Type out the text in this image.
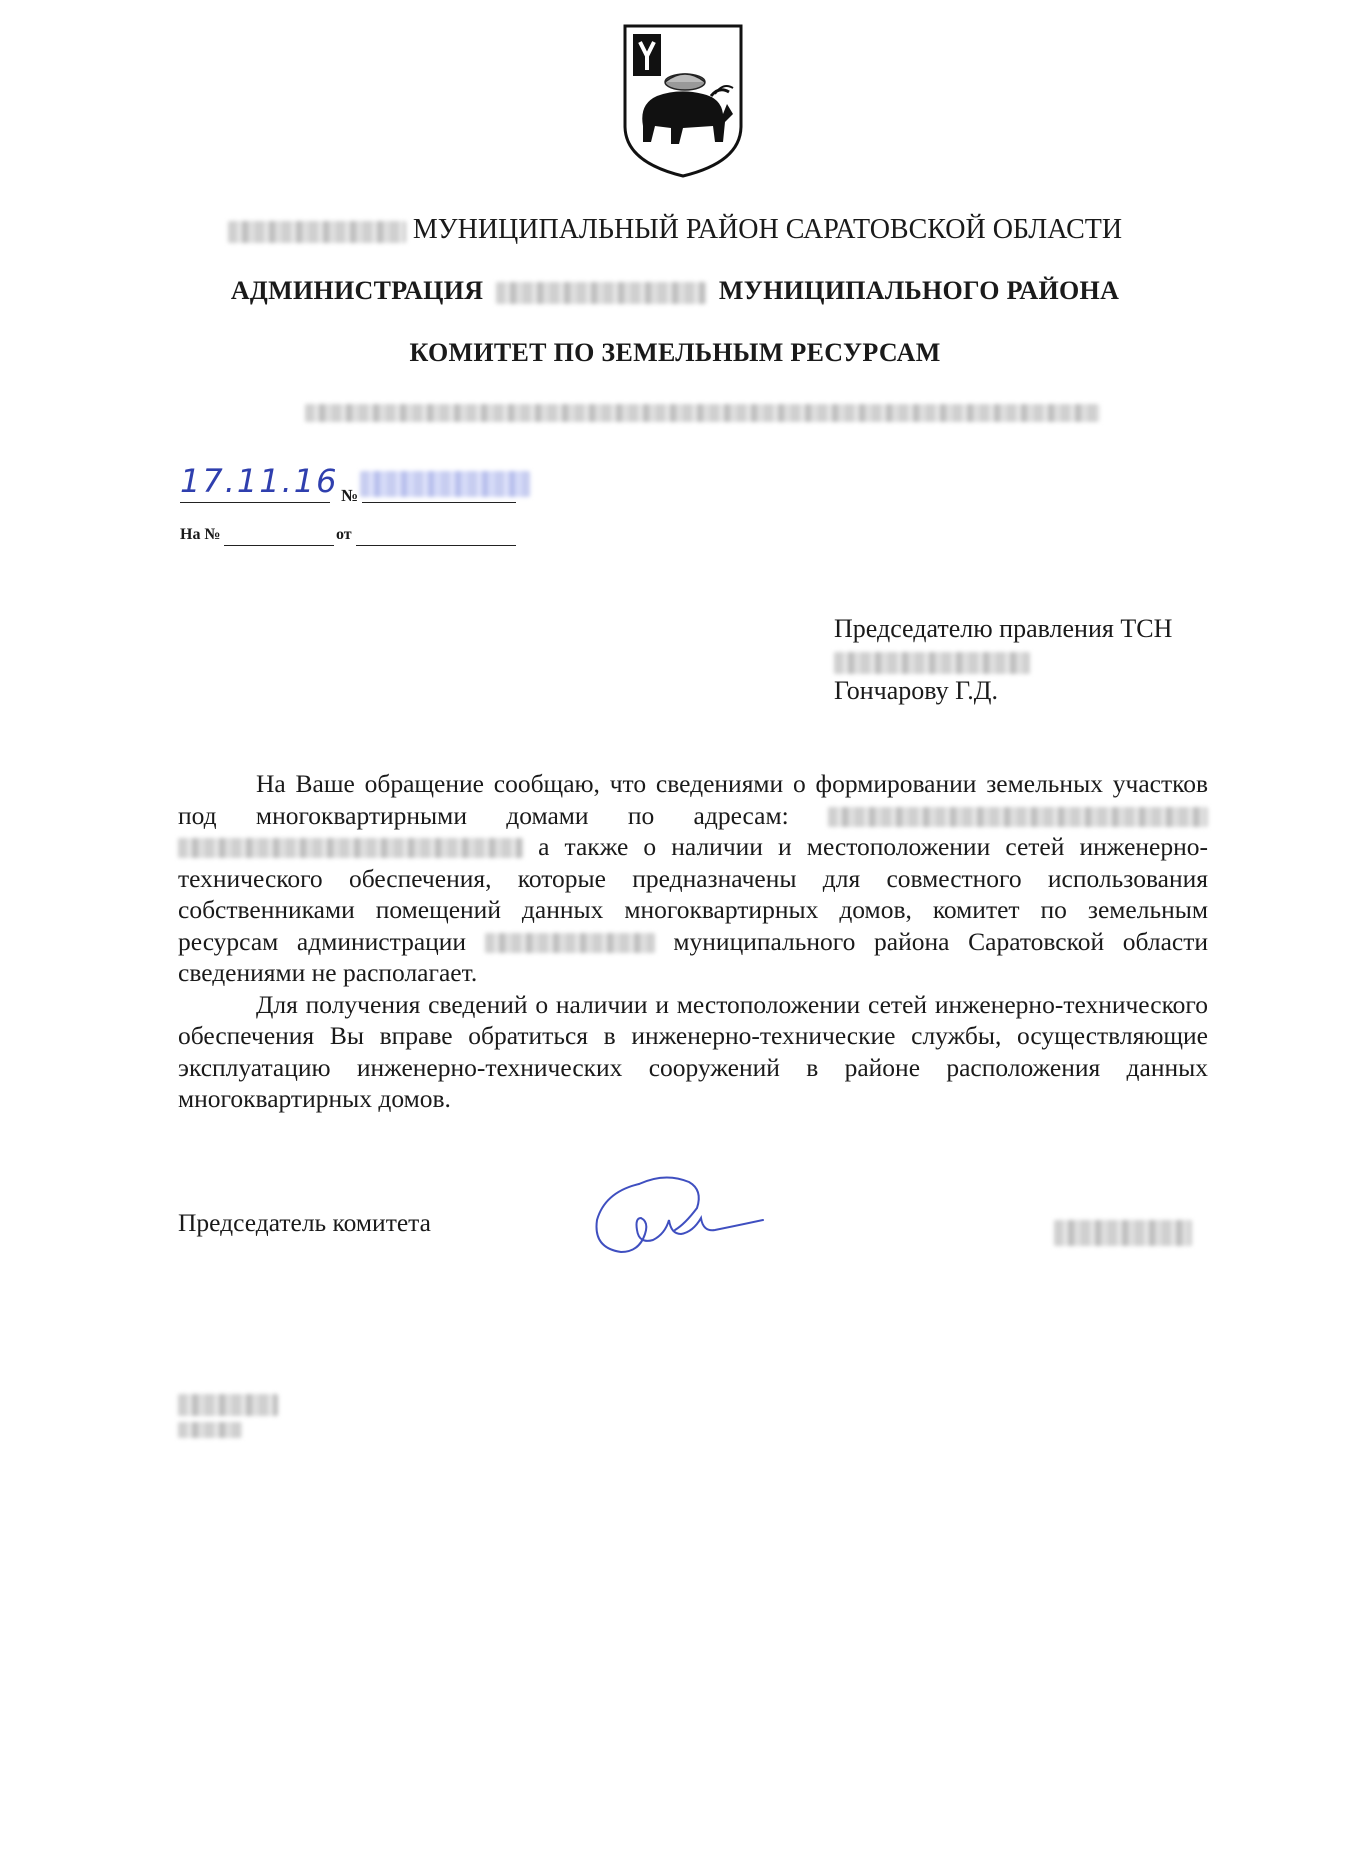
МУНИЦИПАЛЬНЫЙ РАЙОН САРАТОВСКОЙ ОБЛАСТИ
АДМИНИСТРАЦИЯ	МУНИЦИПАЛЬНОГО РАЙОНА
КОМИТЕТ ПО ЗЕМЕЛЬНЫМ РЕСУРСАМ
17.11.16 №
На №	от
Председателю правления ТСН
Гончарову Г.Д.

На Ваше обращение сообщаю, что сведениями о формировании земельных участков под многоквартирными домами по адресам:   а также о наличии и местоположении сетей инженерно-технического обеспечения, которые предназначены для совместного использования собственниками помещений данных многоквартирных домов, комитет по земельным ресурсам администрации	муниципального района Саратовской области сведениями не располагает.

Для получения сведений о наличии и местоположении сетей инженерно-технического обеспечения Вы вправе обратиться в инженерно-технические службы, осуществляющие эксплуатацию инженерно-технических сооружений в районе расположения данных многоквартирных домов.

Председатель комитета
